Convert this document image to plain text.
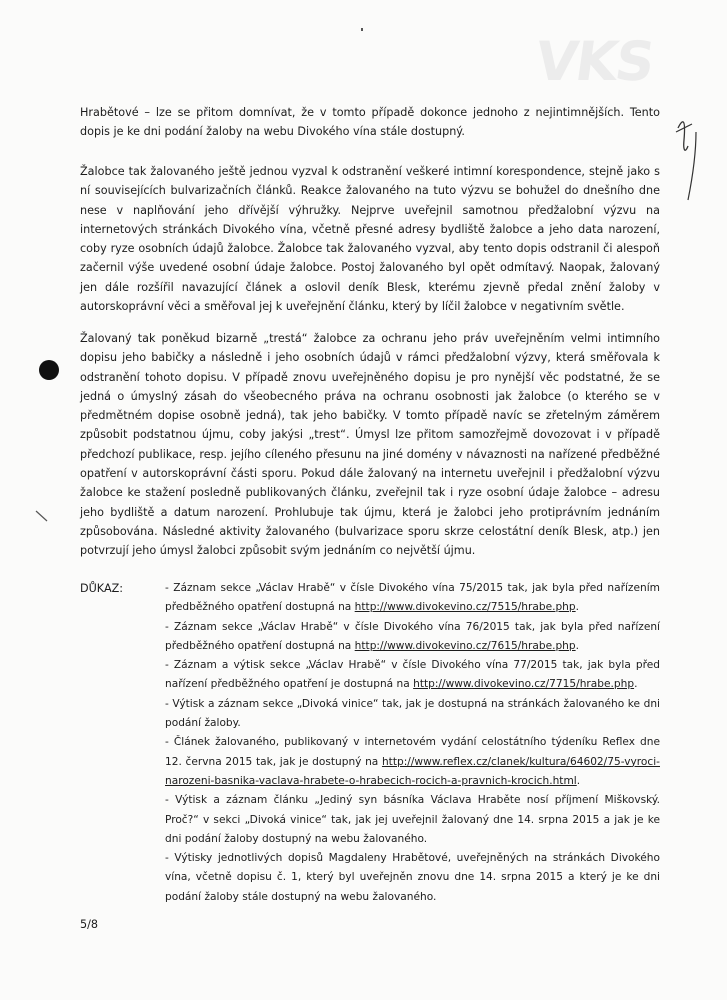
VKS

Hrabětové – lze se přitom domnívat, že v tomto případě dokonce jednoho z nejintimnějších. Tento dopis je ke dni podání žaloby na webu Divokého vína stále dostupný.

Žalobce tak žalovaného ještě jednou vyzval k odstranění veškeré intimní korespondence, stejně jako s ní souvisejících bulvarizačních článků. Reakce žalovaného na tuto výzvu se bohužel do dnešního dne nese v naplňování jeho dřívější výhružky. Nejprve uveřejnil samotnou předžalobní výzvu na internetových stránkách Divokého vína, včetně přesné adresy bydliště žalobce a jeho data narození, coby ryze osobních údajů žalobce. Žalobce tak žalovaného vyzval, aby tento dopis odstranil či alespoň začernil výše uvedené osobní údaje žalobce. Postoj žalovaného byl opět odmítavý. Naopak, žalovaný jen dále rozšířil navazující článek a oslovil deník Blesk, kterému zjevně předal znění žaloby v autorskoprávní věci a směřoval jej k uveřejnění článku, který by líčil žalobce v negativním světle.

Žalovaný tak poněkud bizarně „trestá“ žalobce za ochranu jeho práv uveřejněním velmi intimního dopisu jeho babičky a následně i jeho osobních údajů v rámci předžalobní výzvy, která směřovala k odstranění tohoto dopisu. V případě znovu uveřejněného dopisu je pro nynější věc podstatné, že se jedná o úmyslný zásah do všeobecného práva na ochranu osobnosti jak žalobce (o kterého se v předmětném dopise osobně jedná), tak jeho babičky. V tomto případě navíc se zřetelným záměrem způsobit podstatnou újmu, coby jakýsi „trest“. Úmysl lze přitom samozřejmě dovozovat i v případě předchozí publikace, resp. jejího cíleného přesunu na jiné domény v návaznosti na nařízené předběžné opatření v autorskoprávní části sporu. Pokud dále žalovaný na internetu uveřejnil i předžalobní výzvu žalobce ke stažení posledně publikovaných článku, zveřejnil tak i ryze osobní údaje žalobce – adresu jeho bydliště a datum narození. Prohlubuje tak újmu, která je žalobci jeho protiprávním jednáním způsobována. Následné aktivity žalovaného (bulvarizace sporu skrze celostátní deník Blesk, atp.) jen potvrzují jeho úmysl žalobci způsobit svým jednáním co největší újmu.

DŮKAZ:	- Záznam sekce „Václav Hrabě“ v čísle Divokého vína 75/2015 tak, jak byla před nařízením předběžného opatření dostupná na http://www.divokevino.cz/7515/hrabe.php.
- Záznam sekce „Václav Hrabě“ v čísle Divokého vína 76/2015 tak, jak byla před nařízení předběžného opatření dostupná na http://www.divokevino.cz/7615/hrabe.php.
- Záznam a výtisk sekce „Václav Hrabě“ v čísle Divokého vína 77/2015 tak, jak byla před nařízení předběžného opatření je dostupná na http://www.divokevino.cz/7715/hrabe.php.
- Výtisk a záznam sekce „Divoká vinice“ tak, jak je dostupná na stránkách žalovaného ke dni podání žaloby.
- Článek žalovaného, publikovaný v internetovém vydání celostátního týdeníku Reflex dne 12. června 2015 tak, jak je dostupný na http://www.reflex.cz/clanek/kultura/64602/75-vyroci-narozeni-basnika-vaclava-hrabete-o-hrabecich-rocich-a-pravnich-krocich.html.
- Výtisk a záznam článku „Jediný syn básníka Václava Hraběte nosí příjmení Miškovský. Proč?“ v sekci „Divoká vinice“ tak, jak jej uveřejnil žalovaný dne 14. srpna 2015 a jak je ke dni podání žaloby dostupný na webu žalovaného.
- Výtisky jednotlivých dopisů Magdaleny Hrabětové, uveřejněných na stránkách Divokého vína, včetně dopisu č. 1, který byl uveřejněn znovu dne 14. srpna 2015 a který je ke dni podání žaloby stále dostupný na webu žalovaného.
5/8
